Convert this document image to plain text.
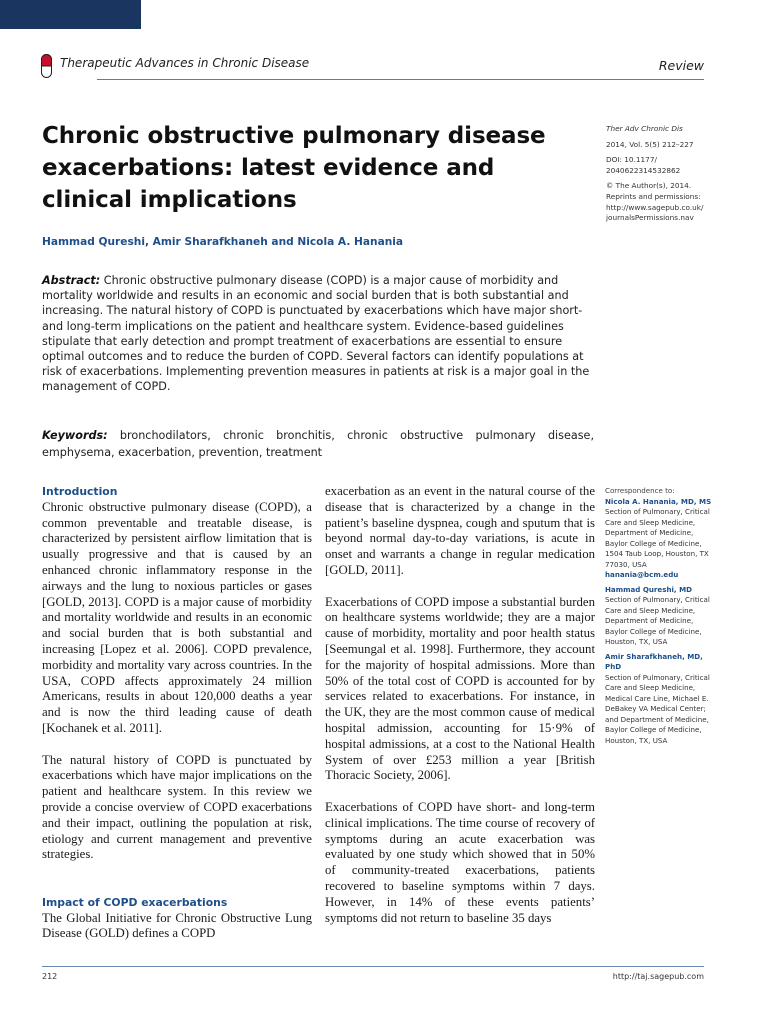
Therapeutic Advances in Chronic Disease	Review
Chronic obstructive pulmonary disease exacerbations: latest evidence and clinical implications
Ther Adv Chronic Dis
2014, Vol. 5(5) 212–227
DOI: 10.1177/ 2040622314532862
© The Author(s), 2014. Reprints and permissions: http://www.sagepub.co.uk/ journalsPermissions.nav
Hammad Qureshi, Amir Sharafkhaneh and Nicola A. Hanania

Abstract: Chronic obstructive pulmonary disease (COPD) is a major cause of morbidity and mortality worldwide and results in an economic and social burden that is both substantial and increasing. The natural history of COPD is punctuated by exacerbations which have major short- and long-term implications on the patient and healthcare system. Evidence-based guidelines stipulate that early detection and prompt treatment of exacerbations are essential to ensure optimal outcomes and to reduce the burden of COPD. Several factors can identify populations at risk of exacerbations. Implementing prevention measures in patients at risk is a major goal in the management of COPD.

Keywords: bronchodilators, chronic bronchitis, chronic obstructive pulmonary disease, emphysema, exacerbation, prevention, treatment

Introduction

Chronic obstructive pulmonary disease (COPD), a common preventable and treatable disease, is characterized by persistent airflow limitation that is usually progressive and that is caused by an enhanced chronic inflammatory response in the airways and the lung to noxious particles or gases [GOLD, 2013]. COPD is a major cause of morbidity and mortality worldwide and results in an economic and social burden that is both substantial and increasing [Lopez et al. 2006]. COPD prevalence, morbidity and mortality vary across countries. In the USA, COPD affects approximately 24 million Americans, results in about 120,000 deaths a year and is now the third leading cause of death [Kochanek et al. 2011].

The natural history of COPD is punctuated by exacerbations which have major implications on the patient and healthcare system. In this review we provide a concise overview of COPD exacerbations and their impact, outlining the population at risk, etiology and current management and preventive strategies.

Impact of COPD exacerbations

The Global Initiative for Chronic Obstructive Lung Disease (GOLD) defines a COPD

exacerbation as an event in the natural course of the disease that is characterized by a change in the patient’s baseline dyspnea, cough and sputum that is beyond normal day-to-day variations, is acute in onset and warrants a change in regular medication [GOLD, 2011].

Exacerbations of COPD impose a substantial burden on healthcare systems worldwide; they are a major cause of morbidity, mortality and poor health status [Seemungal et al. 1998]. Furthermore, they account for the majority of hospital admissions. More than 50% of the total cost of COPD is accounted for by services related to exacerbations. For instance, in the UK, they are the most common cause of medical hospital admission, accounting for 15·9% of hospital admissions, at a cost to the National Health System of over £253 million a year [British Thoracic Society, 2006].

Exacerbations of COPD have short- and long-term clinical implications. The time course of recovery of symptoms during an acute exacerbation was evaluated by one study which showed that in 50% of community-treated exacerbations, patients recovered to baseline symptoms within 7 days. However, in 14% of these events patients’ symptoms did not return to baseline 35 days

Correspondence to:
Nicola A. Hanania, MD, MS
Section of Pulmonary, Critical Care and Sleep Medicine, Department of Medicine, Baylor College of Medicine, 1504 Taub Loop, Houston, TX 77030, USA
hanania@bcm.edu
Hammad Qureshi, MD
Section of Pulmonary, Critical Care and Sleep Medicine, Department of Medicine, Baylor College of Medicine, Houston, TX, USA
Amir Sharafkhaneh, MD, PhD
Section of Pulmonary, Critical Care and Sleep Medicine, Medical Care Line, Michael E. DeBakey VA Medical Center; and Department of Medicine, Baylor College of Medicine, Houston, TX, USA
212	http://taj.sagepub.com
